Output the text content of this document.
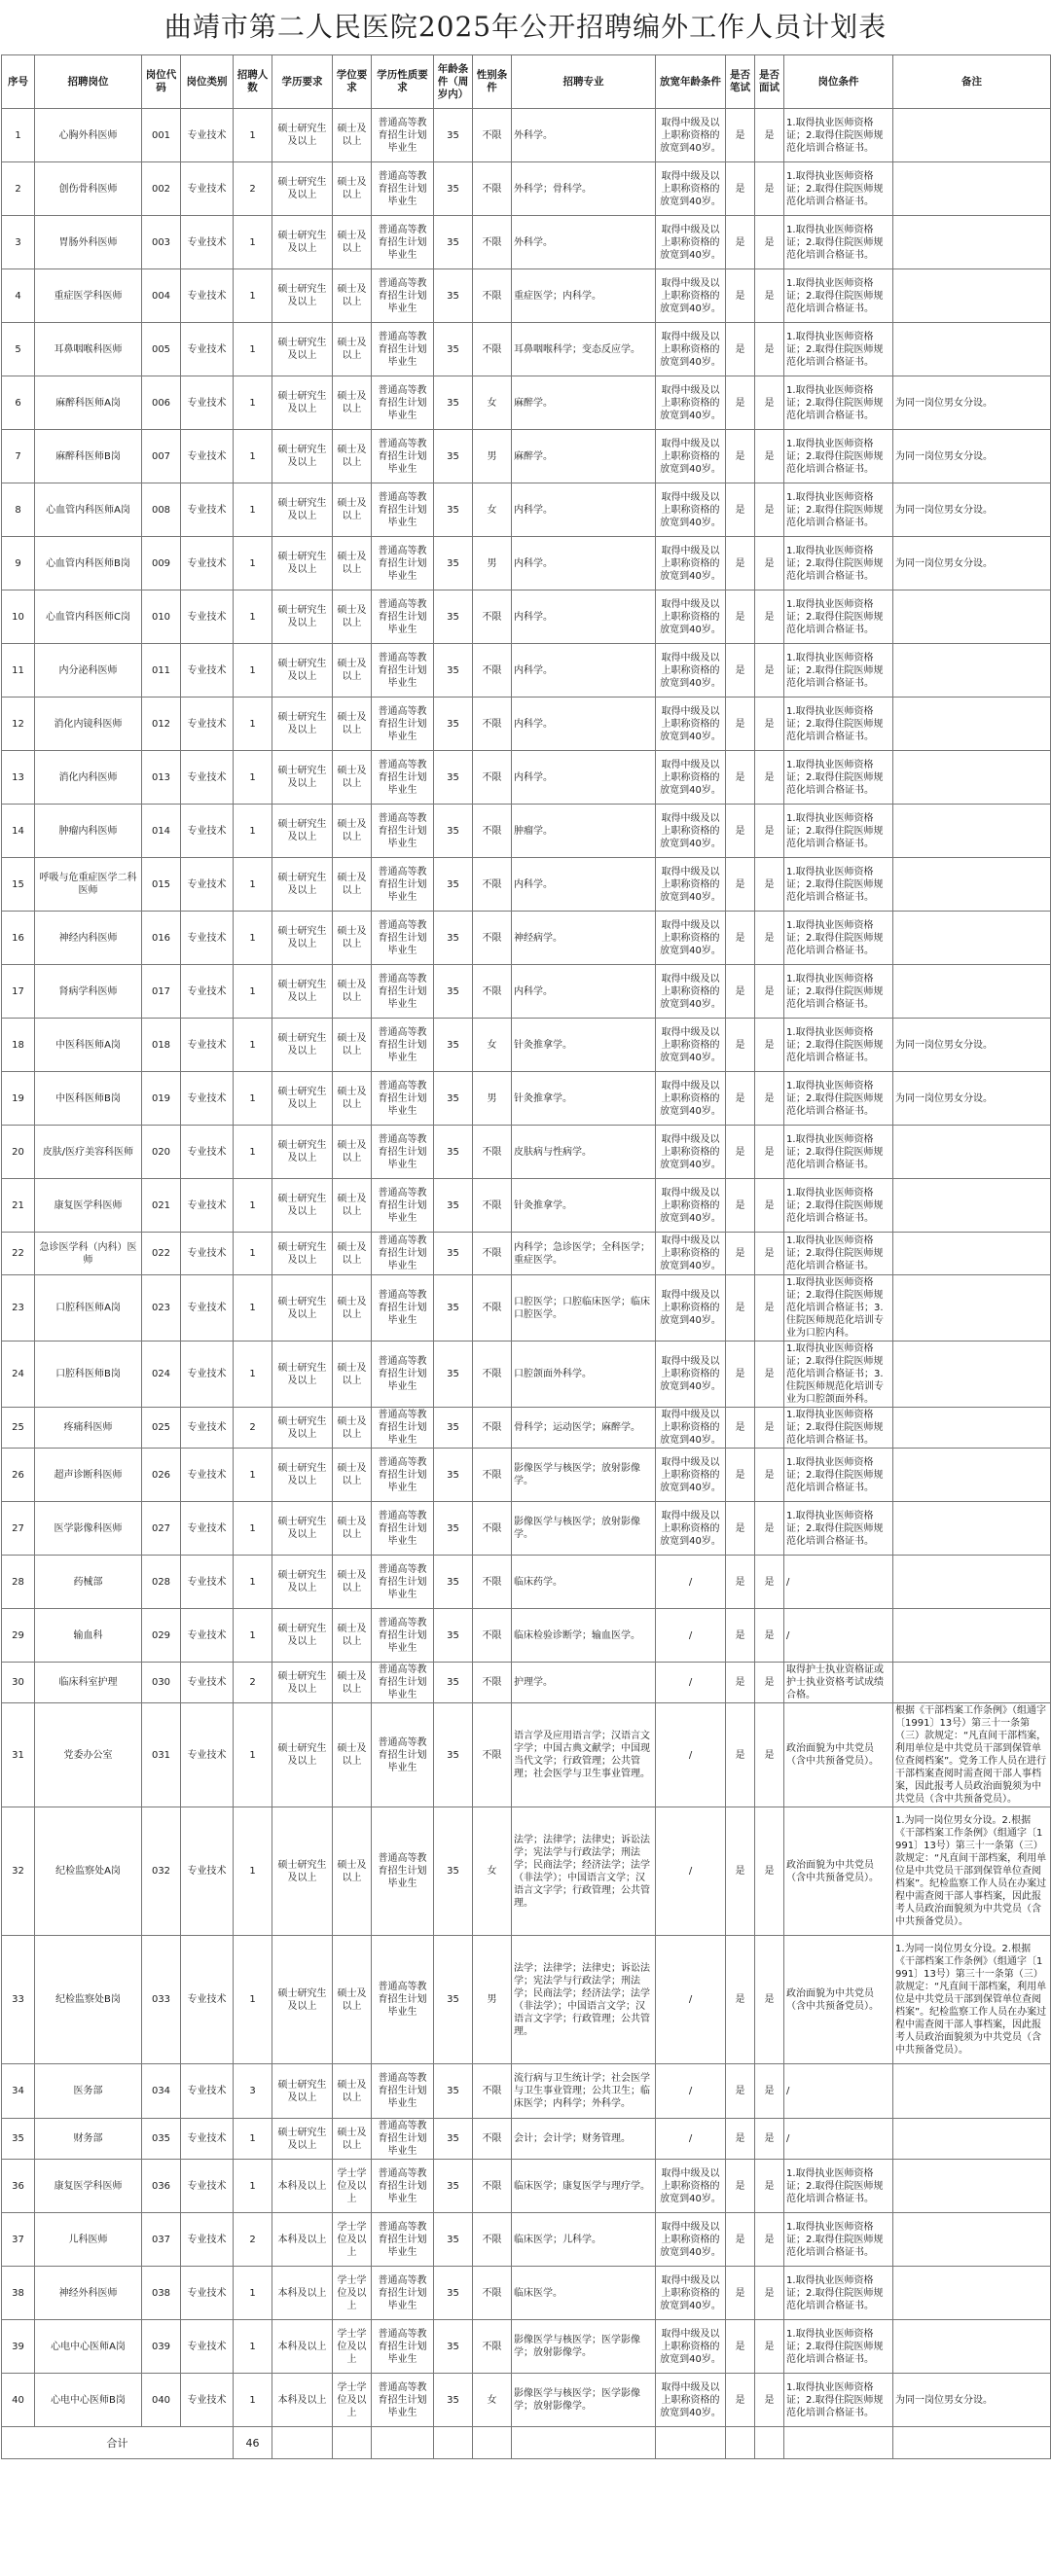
曲靖市第二人民医院2025年公开招聘编外工作人员计划表
序号	招聘岗位	岗位代码	岗位类别	招聘人数	学历要求	学位要求	学历性质要求	年龄条件（周岁内）	性别条件	招聘专业	放宽年龄条件	是否笔试	是否面试	岗位条件	备注
1	心胸外科医师	001	专业技术	1	硕士研究生及以上	硕士及以上	普通高等教育招生计划毕业生	35	不限	外科学。	取得中级及以上职称资格的放宽到40岁。	是	是	1.取得执业医师资格证；2.取得住院医师规范化培训合格证书。	
2	创伤骨科医师	002	专业技术	2	硕士研究生及以上	硕士及以上	普通高等教育招生计划毕业生	35	不限	外科学；骨科学。	取得中级及以上职称资格的放宽到40岁。	是	是	1.取得执业医师资格证；2.取得住院医师规范化培训合格证书。	
3	胃肠外科医师	003	专业技术	1	硕士研究生及以上	硕士及以上	普通高等教育招生计划毕业生	35	不限	外科学。	取得中级及以上职称资格的放宽到40岁。	是	是	1.取得执业医师资格证；2.取得住院医师规范化培训合格证书。	
4	重症医学科医师	004	专业技术	1	硕士研究生及以上	硕士及以上	普通高等教育招生计划毕业生	35	不限	重症医学；内科学。	取得中级及以上职称资格的放宽到40岁。	是	是	1.取得执业医师资格证；2.取得住院医师规范化培训合格证书。	
5	耳鼻咽喉科医师	005	专业技术	1	硕士研究生及以上	硕士及以上	普通高等教育招生计划毕业生	35	不限	耳鼻咽喉科学；变态反应学。	取得中级及以上职称资格的放宽到40岁。	是	是	1.取得执业医师资格证；2.取得住院医师规范化培训合格证书。	
6	麻醉科医师A岗	006	专业技术	1	硕士研究生及以上	硕士及以上	普通高等教育招生计划毕业生	35	女	麻醉学。	取得中级及以上职称资格的放宽到40岁。	是	是	1.取得执业医师资格证；2.取得住院医师规范化培训合格证书。	为同一岗位男女分设。
7	麻醉科医师B岗	007	专业技术	1	硕士研究生及以上	硕士及以上	普通高等教育招生计划毕业生	35	男	麻醉学。	取得中级及以上职称资格的放宽到40岁。	是	是	1.取得执业医师资格证；2.取得住院医师规范化培训合格证书。	为同一岗位男女分设。
8	心血管内科医师A岗	008	专业技术	1	硕士研究生及以上	硕士及以上	普通高等教育招生计划毕业生	35	女	内科学。	取得中级及以上职称资格的放宽到40岁。	是	是	1.取得执业医师资格证；2.取得住院医师规范化培训合格证书。	为同一岗位男女分设。
9	心血管内科医师B岗	009	专业技术	1	硕士研究生及以上	硕士及以上	普通高等教育招生计划毕业生	35	男	内科学。	取得中级及以上职称资格的放宽到40岁。	是	是	1.取得执业医师资格证；2.取得住院医师规范化培训合格证书。	为同一岗位男女分设。
10	心血管内科医师C岗	010	专业技术	1	硕士研究生及以上	硕士及以上	普通高等教育招生计划毕业生	35	不限	内科学。	取得中级及以上职称资格的放宽到40岁。	是	是	1.取得执业医师资格证；2.取得住院医师规范化培训合格证书。	
11	内分泌科医师	011	专业技术	1	硕士研究生及以上	硕士及以上	普通高等教育招生计划毕业生	35	不限	内科学。	取得中级及以上职称资格的放宽到40岁。	是	是	1.取得执业医师资格证；2.取得住院医师规范化培训合格证书。	
12	消化内镜科医师	012	专业技术	1	硕士研究生及以上	硕士及以上	普通高等教育招生计划毕业生	35	不限	内科学。	取得中级及以上职称资格的放宽到40岁。	是	是	1.取得执业医师资格证；2.取得住院医师规范化培训合格证书。	
13	消化内科医师	013	专业技术	1	硕士研究生及以上	硕士及以上	普通高等教育招生计划毕业生	35	不限	内科学。	取得中级及以上职称资格的放宽到40岁。	是	是	1.取得执业医师资格证；2.取得住院医师规范化培训合格证书。	
14	肿瘤内科医师	014	专业技术	1	硕士研究生及以上	硕士及以上	普通高等教育招生计划毕业生	35	不限	肿瘤学。	取得中级及以上职称资格的放宽到40岁。	是	是	1.取得执业医师资格证；2.取得住院医师规范化培训合格证书。	
15	呼吸与危重症医学二科医师	015	专业技术	1	硕士研究生及以上	硕士及以上	普通高等教育招生计划毕业生	35	不限	内科学。	取得中级及以上职称资格的放宽到40岁。	是	是	1.取得执业医师资格证；2.取得住院医师规范化培训合格证书。	
16	神经内科医师	016	专业技术	1	硕士研究生及以上	硕士及以上	普通高等教育招生计划毕业生	35	不限	神经病学。	取得中级及以上职称资格的放宽到40岁。	是	是	1.取得执业医师资格证；2.取得住院医师规范化培训合格证书。	
17	肾病学科医师	017	专业技术	1	硕士研究生及以上	硕士及以上	普通高等教育招生计划毕业生	35	不限	内科学。	取得中级及以上职称资格的放宽到40岁。	是	是	1.取得执业医师资格证；2.取得住院医师规范化培训合格证书。	
18	中医科医师A岗	018	专业技术	1	硕士研究生及以上	硕士及以上	普通高等教育招生计划毕业生	35	女	针灸推拿学。	取得中级及以上职称资格的放宽到40岁。	是	是	1.取得执业医师资格证；2.取得住院医师规范化培训合格证书。	为同一岗位男女分设。
19	中医科医师B岗	019	专业技术	1	硕士研究生及以上	硕士及以上	普通高等教育招生计划毕业生	35	男	针灸推拿学。	取得中级及以上职称资格的放宽到40岁。	是	是	1.取得执业医师资格证；2.取得住院医师规范化培训合格证书。	为同一岗位男女分设。
20	皮肤/医疗美容科医师	020	专业技术	1	硕士研究生及以上	硕士及以上	普通高等教育招生计划毕业生	35	不限	皮肤病与性病学。	取得中级及以上职称资格的放宽到40岁。	是	是	1.取得执业医师资格证；2.取得住院医师规范化培训合格证书。	
21	康复医学科医师	021	专业技术	1	硕士研究生及以上	硕士及以上	普通高等教育招生计划毕业生	35	不限	针灸推拿学。	取得中级及以上职称资格的放宽到40岁。	是	是	1.取得执业医师资格证；2.取得住院医师规范化培训合格证书。	
22	急诊医学科（内科）医师	022	专业技术	1	硕士研究生及以上	硕士及以上	普通高等教育招生计划毕业生	35	不限	内科学；急诊医学；全科医学；重症医学。	取得中级及以上职称资格的放宽到40岁。	是	是	1.取得执业医师资格证；2.取得住院医师规范化培训合格证书。	
23	口腔科医师A岗	023	专业技术	1	硕士研究生及以上	硕士及以上	普通高等教育招生计划毕业生	35	不限	口腔医学；口腔临床医学；临床口腔医学。	取得中级及以上职称资格的放宽到40岁。	是	是	1.取得执业医师资格证；2.取得住院医师规范化培训合格证书；3.住院医师规范化培训专业为口腔内科。	
24	口腔科医师B岗	024	专业技术	1	硕士研究生及以上	硕士及以上	普通高等教育招生计划毕业生	35	不限	口腔颌面外科学。	取得中级及以上职称资格的放宽到40岁。	是	是	1.取得执业医师资格证；2.取得住院医师规范化培训合格证书；3.住院医师规范化培训专业为口腔颌面外科。	
25	疼痛科医师	025	专业技术	2	硕士研究生及以上	硕士及以上	普通高等教育招生计划毕业生	35	不限	骨科学；运动医学；麻醉学。	取得中级及以上职称资格的放宽到40岁。	是	是	1.取得执业医师资格证；2.取得住院医师规范化培训合格证书。	
26	超声诊断科医师	026	专业技术	1	硕士研究生及以上	硕士及以上	普通高等教育招生计划毕业生	35	不限	影像医学与核医学；放射影像学。	取得中级及以上职称资格的放宽到40岁。	是	是	1.取得执业医师资格证；2.取得住院医师规范化培训合格证书。	
27	医学影像科医师	027	专业技术	1	硕士研究生及以上	硕士及以上	普通高等教育招生计划毕业生	35	不限	影像医学与核医学；放射影像学。	取得中级及以上职称资格的放宽到40岁。	是	是	1.取得执业医师资格证；2.取得住院医师规范化培训合格证书。	
28	药械部	028	专业技术	1	硕士研究生及以上	硕士及以上	普通高等教育招生计划毕业生	35	不限	临床药学。	/	是	是	/	
29	输血科	029	专业技术	1	硕士研究生及以上	硕士及以上	普通高等教育招生计划毕业生	35	不限	临床检验诊断学；输血医学。	/	是	是	/	
30	临床科室护理	030	专业技术	2	硕士研究生及以上	硕士及以上	普通高等教育招生计划毕业生	35	不限	护理学。	/	是	是	取得护士执业资格证或护士执业资格考试成绩合格。	
31	党委办公室	031	专业技术	1	硕士研究生及以上	硕士及以上	普通高等教育招生计划毕业生	35	不限	语言学及应用语言学；汉语言文字学；中国古典文献学；中国现当代文学；行政管理；公共管理；社会医学与卫生事业管理。	/	是	是	政治面貌为中共党员（含中共预备党员）。	根据《干部档案工作条例》（组通字〔1991〕13号）第三十一条第（三）款规定：“凡直间干部档案，利用单位是中共党员干部到保管单位查阅档案”。党务工作人员在进行干部档案查阅时需查阅干部人事档案，因此报考人员政治面貌须为中共党员（含中共预备党员）。
32	纪检监察处A岗	032	专业技术	1	硕士研究生及以上	硕士及以上	普通高等教育招生计划毕业生	35	女	法学；法律学；法律史；诉讼法学；宪法学与行政法学；刑法学；民商法学；经济法学；法学（非法学）；中国语言文学；汉语言文字学；行政管理；公共管理。	/	是	是	政治面貌为中共党员（含中共预备党员）。	1.为同一岗位男女分设。2.根据《干部档案工作条例》（组通字〔1991〕13号）第三十一条第（三）款规定：“凡直间干部档案，利用单位是中共党员干部到保管单位查阅档案”。纪检监察工作人员在办案过程中需查阅干部人事档案，因此报考人员政治面貌须为中共党员（含中共预备党员）。
33	纪检监察处B岗	033	专业技术	1	硕士研究生及以上	硕士及以上	普通高等教育招生计划毕业生	35	男	法学；法律学；法律史；诉讼法学；宪法学与行政法学；刑法学；民商法学；经济法学；法学（非法学）；中国语言文学；汉语言文字学；行政管理；公共管理。	/	是	是	政治面貌为中共党员（含中共预备党员）。	1.为同一岗位男女分设。2.根据《干部档案工作条例》（组通字〔1991〕13号）第三十一条第（三）款规定：“凡直间干部档案，利用单位是中共党员干部到保管单位查阅档案”。纪检监察工作人员在办案过程中需查阅干部人事档案，因此报考人员政治面貌须为中共党员（含中共预备党员）。
34	医务部	034	专业技术	3	硕士研究生及以上	硕士及以上	普通高等教育招生计划毕业生	35	不限	流行病与卫生统计学；社会医学与卫生事业管理；公共卫生；临床医学；内科学；外科学。	/	是	是	/	
35	财务部	035	专业技术	1	硕士研究生及以上	硕士及以上	普通高等教育招生计划毕业生	35	不限	会计；会计学；财务管理。	/	是	是	/	
36	康复医学科医师	036	专业技术	1	本科及以上	学士学位及以上	普通高等教育招生计划毕业生	35	不限	临床医学；康复医学与理疗学。	取得中级及以上职称资格的放宽到40岁。	是	是	1.取得执业医师资格证；2.取得住院医师规范化培训合格证书。	
37	儿科医师	037	专业技术	2	本科及以上	学士学位及以上	普通高等教育招生计划毕业生	35	不限	临床医学；儿科学。	取得中级及以上职称资格的放宽到40岁。	是	是	1.取得执业医师资格证；2.取得住院医师规范化培训合格证书。	
38	神经外科医师	038	专业技术	1	本科及以上	学士学位及以上	普通高等教育招生计划毕业生	35	不限	临床医学。	取得中级及以上职称资格的放宽到40岁。	是	是	1.取得执业医师资格证；2.取得住院医师规范化培训合格证书。	
39	心电中心医师A岗	039	专业技术	1	本科及以上	学士学位及以上	普通高等教育招生计划毕业生	35	不限	影像医学与核医学；医学影像学；放射影像学。	取得中级及以上职称资格的放宽到40岁。	是	是	1.取得执业医师资格证；2.取得住院医师规范化培训合格证书。	
40	心电中心医师B岗	040	专业技术	1	本科及以上	学士学位及以上	普通高等教育招生计划毕业生	35	女	影像医学与核医学；医学影像学；放射影像学。	取得中级及以上职称资格的放宽到40岁。	是	是	1.取得执业医师资格证；2.取得住院医师规范化培训合格证书。	为同一岗位男女分设。
合计				46											
